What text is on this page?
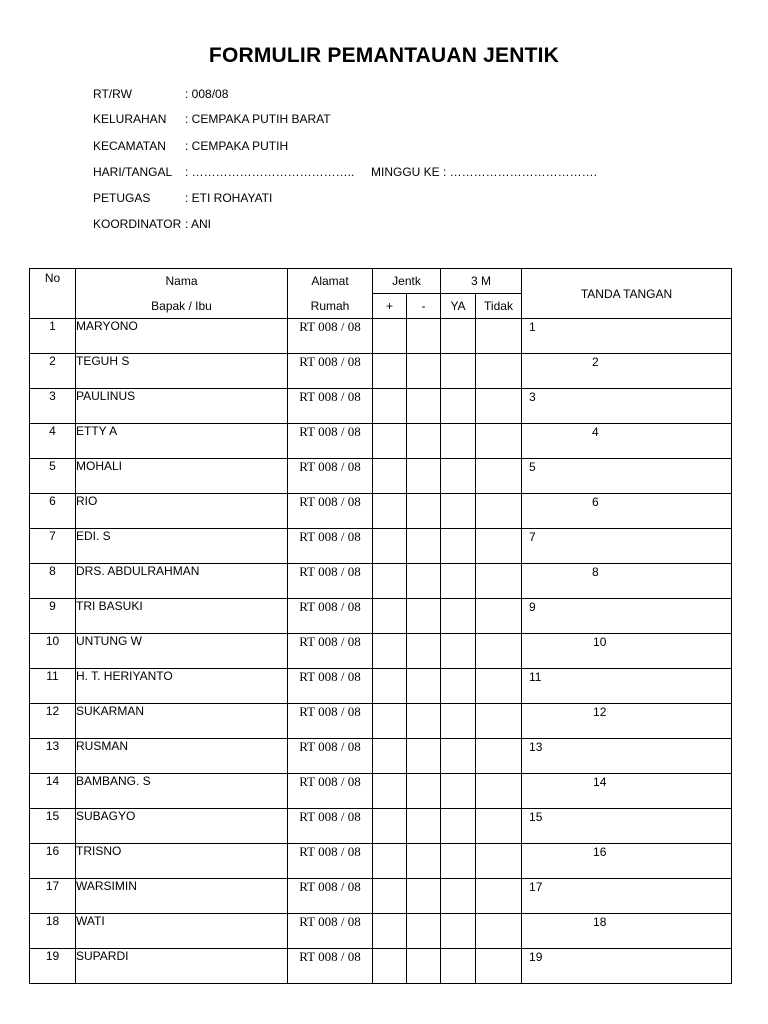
FORMULIR PEMANTAUAN JENTIK
RT/RW	: 008/08
KELURAHAN : CEMPAKA PUTIH BARAT
KECAMATAN : CEMPAKA PUTIH
HARI/TANGAL : ………………………………….. MINGGU KE : ……………………………….
PETUGAS	: ETI ROHAYATI
KOORDINATOR : ANI
No	Nama	Alamat	Jentk		3 M		TANDA TANGAN
	Bapak / Ibu	Rumah	+	-	YA	Tidak	
1	MARYONO	RT 008 / 08					1

2	TEGUH S	RT 008 / 08					2

3	PAULINUS	RT 008 / 08					3

4	ETTY A	RT 008 / 08					4

5	MOHALI	RT 008 / 08					5

6	RIO	RT 008 / 08					6

7	EDI. S	RT 008 / 08					7

8	DRS. ABDULRAHMAN	RT 008 / 08					8

9	TRI BASUKI	RT 008 / 08					9

10	UNTUNG W	RT 008 / 08					10

11	H. T. HERIYANTO	RT 008 / 08					11

12	SUKARMAN	RT 008 / 08					12

13	RUSMAN	RT 008 / 08					13

14	BAMBANG. S	RT 008 / 08					14

15	SUBAGYO	RT 008 / 08					15

16	TRISNO	RT 008 / 08					16

17	WARSIMIN	RT 008 / 08					17

18	WATI	RT 008 / 08					18

19	SUPARDI	RT 008 / 08					19
